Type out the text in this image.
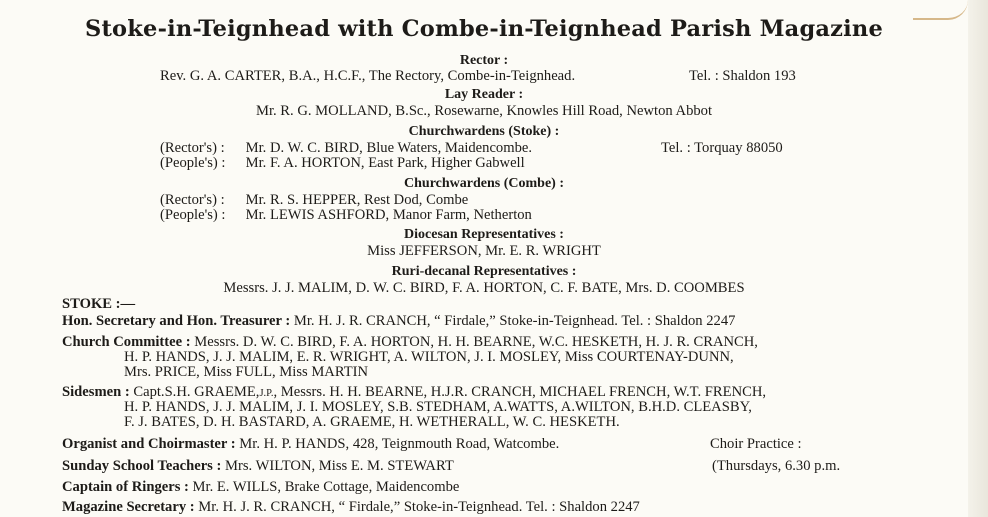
Stoke-in-Teignhead with Combe-in-Teignhead Parish Magazine
Rector :
Rev. G. A. CARTER, B.A., H.C.F., The Rectory, Combe-in-Teignhead.	Tel. : Shaldon 193
Lay Reader :
Mr. R. G. MOLLAND, B.Sc., Rosewarne, Knowles Hill Road, Newton Abbot
Churchwardens (Stoke) :
(Rector's) : Mr. D. W. C. BIRD, Blue Waters, Maidencombe.	Tel. : Torquay 88050
(People's) : Mr. F. A. HORTON, East Park, Higher Gabwell
Churchwardens (Combe) :
(Rector's) : Mr. R. S. HEPPER, Rest Dod, Combe
(People's) : Mr. LEWIS ASHFORD, Manor Farm, Netherton
Diocesan Representatives :
Miss JEFFERSON, Mr. E. R. WRIGHT
Ruri-decanal Representatives :
Messrs. J. J. MALIM, D. W. C. BIRD, F. A. HORTON, C. F. BATE, Mrs. D. COOMBES
STOKE :—
Hon. Secretary and Hon. Treasurer : Mr. H. J. R. CRANCH, “ Firdale,” Stoke-in-Teignhead. Tel. : Shaldon 2247
Church Committee : Messrs. D. W. C. BIRD, F. A. HORTON, H. H. BEARNE, W.C. HESKETH, H. J. R. CRANCH,
H. P. HANDS, J. J. MALIM, E. R. WRIGHT, A. WILTON, J. I. MOSLEY, Miss COURTENAY-DUNN,
Mrs. PRICE, Miss FULL, Miss MARTIN
Sidesmen : Capt.S.H. GRAEME,J.P., Messrs. H. H. BEARNE, H.J.R. CRANCH, MICHAEL FRENCH, W.T. FRENCH,
H. P. HANDS, J. J. MALIM, J. I. MOSLEY, S.B. STEDHAM, A.WATTS, A.WILTON, B.H.D. CLEASBY,
F. J. BATES, D. H. BASTARD, A. GRAEME, H. WETHERALL, W. C. HESKETH.
Organist and Choirmaster : Mr. H. P. HANDS, 428, Teignmouth Road, Watcombe.	Choir Practice :
Sunday School Teachers : Mrs. WILTON, Miss E. M. STEWART	(Thursdays, 6.30 p.m.
Captain of Ringers : Mr. E. WILLS, Brake Cottage, Maidencombe
Magazine Secretary : Mr. H. J. R. CRANCH, “ Firdale,” Stoke-in-Teignhead. Tel. : Shaldon 2247
